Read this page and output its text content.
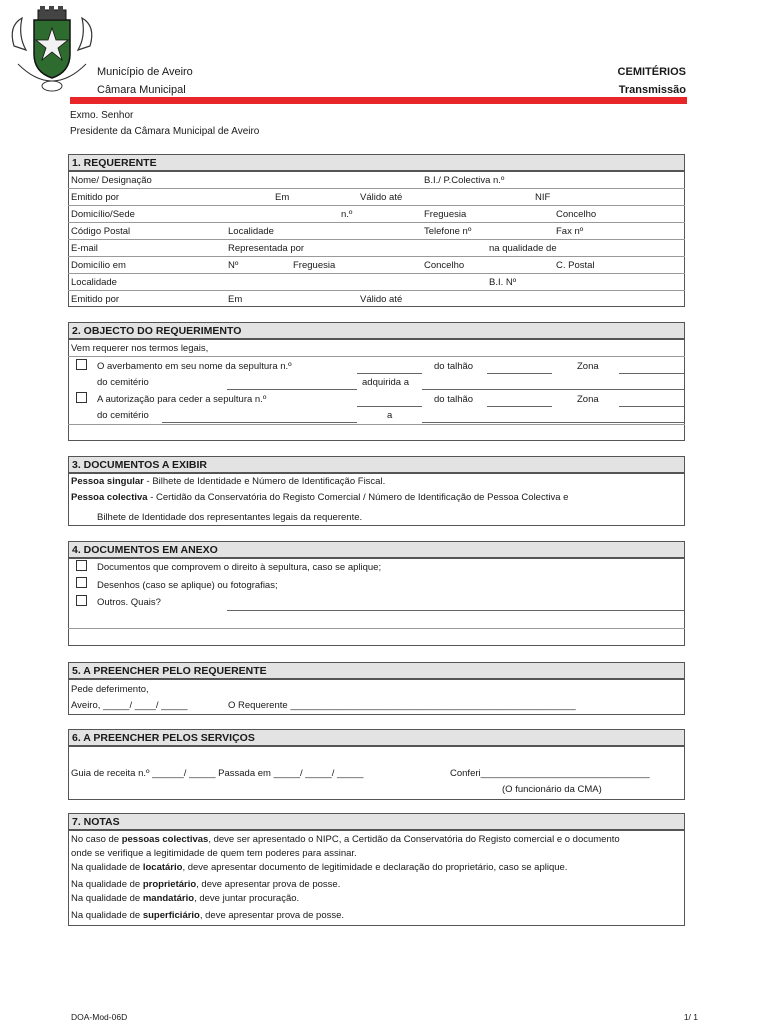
Município de Aveiro
Câmara Municipal
CEMITÉRIOS
Transmissão
Exmo. Senhor
Presidente da Câmara Municipal de Aveiro
1. REQUERENTE
Nome/ Designação	B.I./ P.Colectiva n.º
Emitido por	Em	Válido até	NIF
Domicílio/Sede	n.º	Freguesia	Concelho
Código Postal	Localidade	Telefone nº	Fax nº
E-mail	Representada por	na qualidade de
Domicílio em	Nº	Freguesia	Concelho	C. Postal
Localidade	B.I. Nº
Emitido por	Em	Válido até
2. OBJECTO DO REQUERIMENTO
Vem requerer nos termos legais,
O averbamento em seu nome da sepultura n.º	do talhão	Zona
do cemitério	adquirida a
A autorização para ceder a sepultura n.º	do talhão	Zona
do cemitério	a
3. DOCUMENTOS A EXIBIR
Pessoa singular - Bilhete de Identidade e Número de Identificação Fiscal.
Pessoa colectiva - Certidão da Conservatória do Registo Comercial / Número de Identificação de Pessoa Colectiva e
Bilhete de Identidade dos representantes legais da requerente.
4. DOCUMENTOS EM ANEXO
Documentos que comprovem o direito à sepultura, caso se aplique;
Desenhos (caso se aplique) ou fotografias;
Outros. Quais?
5. A PREENCHER PELO REQUERENTE
Pede deferimento,
Aveiro, _____/ ____/ _____	O Requerente ______________________________________________________
6. A PREENCHER PELOS SERVIÇOS
Guia de receita n.º ______/ _____ Passada em _____/ _____/ _____	Conferi________________________________
(O funcionário da CMA)
7. NOTAS
No caso de pessoas colectivas, deve ser apresentado o NIPC, a Certidão da Conservatória do Registo comercial e o documento
onde se verifique a legitimidade de quem tem poderes para assinar.
Na qualidade de locatário, deve apresentar documento de legitimidade e declaração do proprietário, caso se aplique.
Na qualidade de proprietário, deve apresentar prova de posse.
Na qualidade de mandatário, deve juntar procuração.
Na qualidade de superficiário, deve apresentar prova de posse.
DOA-Mod-06D	1/ 1
